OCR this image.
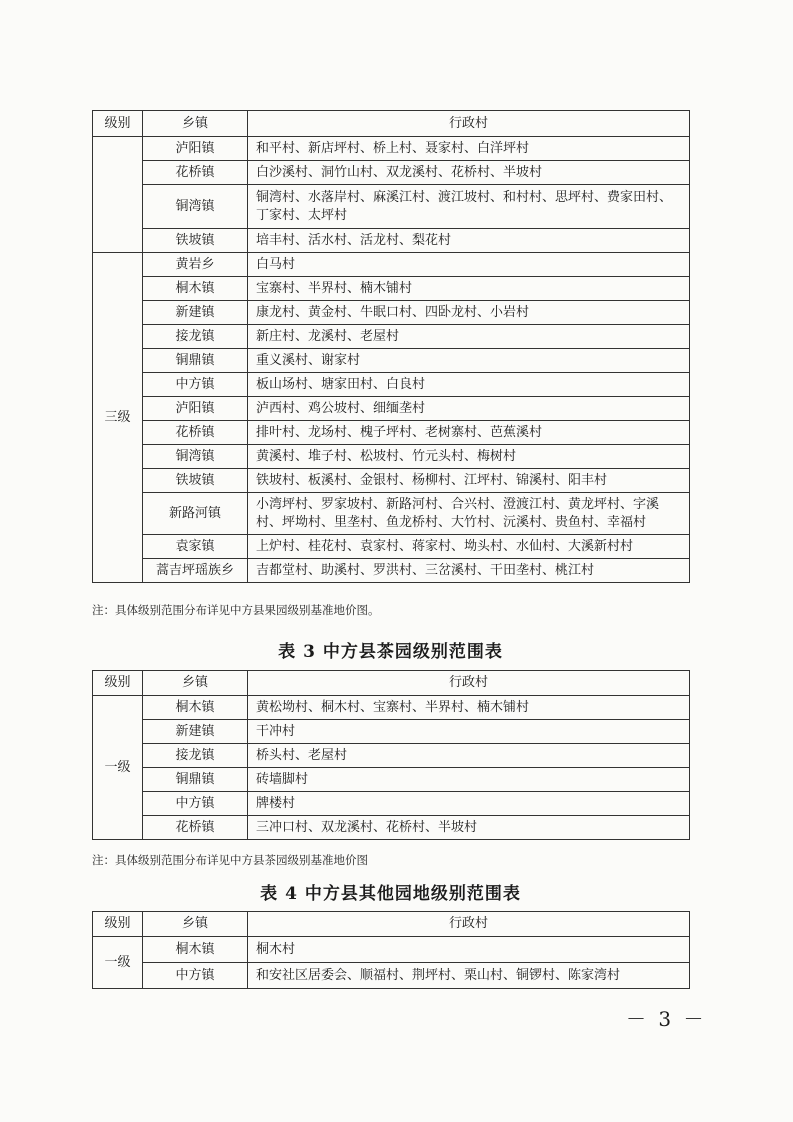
级别	乡镇	行政村
	泸阳镇	和平村、新店坪村、桥上村、聂家村、白洋坪村
	花桥镇	白沙溪村、洞竹山村、双龙溪村、花桥村、半坡村
	铜湾镇	铜湾村、水落岸村、麻溪江村、渡江坡村、和村村、思坪村、费家田村、丁家村、太坪村
	铁坡镇	培丰村、活水村、活龙村、梨花村
三级	黄岩乡	白马村
	桐木镇	宝寨村、半界村、楠木铺村
	新建镇	康龙村、黄金村、牛眠口村、四卧龙村、小岩村
	接龙镇	新庄村、龙溪村、老屋村
	铜鼎镇	重义溪村、谢家村
	中方镇	板山场村、塘家田村、白良村
	泸阳镇	泸西村、鸡公坡村、细缅垄村
	花桥镇	排叶村、龙场村、槐子坪村、老树寨村、芭蕉溪村
	铜湾镇	黄溪村、堆子村、松坡村、竹元头村、梅树村
	铁坡镇	铁坡村、板溪村、金银村、杨柳村、江坪村、锦溪村、阳丰村
	新路河镇	小湾坪村、罗家坡村、新路河村、合兴村、澄渡江村、黄龙坪村、字溪村、坪坳村、里垄村、鱼龙桥村、大竹村、沅溪村、贵鱼村、幸福村
	袁家镇	上炉村、桂花村、袁家村、蒋家村、坳头村、水仙村、大溪新村村
	蒿吉坪瑶族乡	吉都堂村、助溪村、罗洪村、三岔溪村、干田垄村、桃江村
注：具体级别范围分布详见中方县果园级别基准地价图。
表 3 中方县茶园级别范围表
级别	乡镇	行政村
一级	桐木镇	黄松坳村、桐木村、宝寨村、半界村、楠木铺村
	新建镇	干冲村
	接龙镇	桥头村、老屋村
	铜鼎镇	砖墙脚村
	中方镇	牌楼村
	花桥镇	三冲口村、双龙溪村、花桥村、半坡村
注：具体级别范围分布详见中方县茶园级别基准地价图
表 4 中方县其他园地级别范围表
级别	乡镇	行政村
一级	桐木镇	桐木村
	中方镇	和安社区居委会、顺福村、荆坪村、栗山村、铜锣村、陈家湾村
－ 3 －
